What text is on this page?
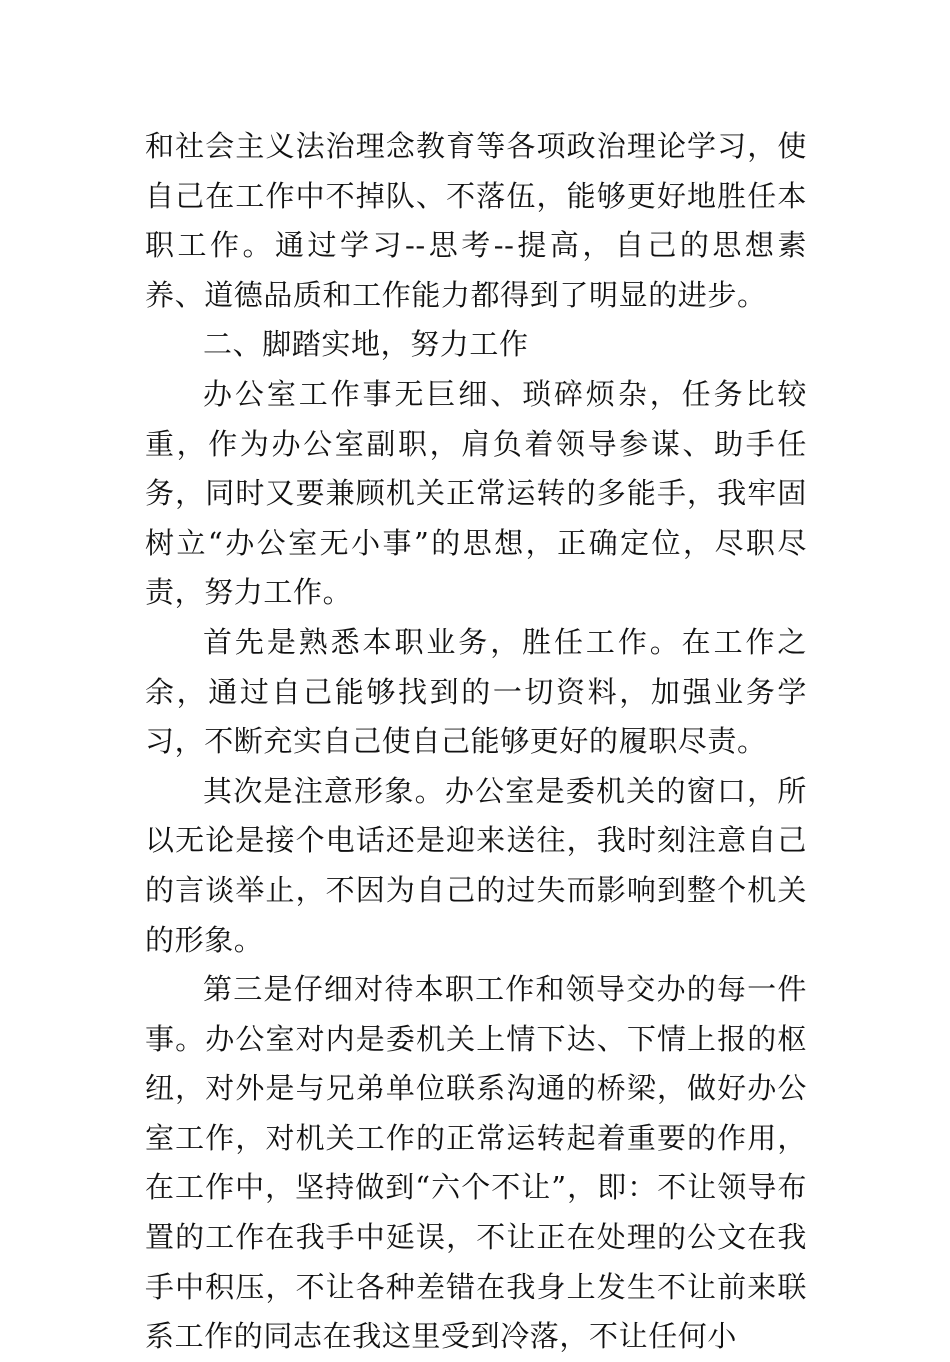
和社会主义法治理念教育等各项政治理论学习，使自己在工作中不掉队、不落伍，能够更好地胜任本职工作。通过学习--思考--提高，自己的思想素养、道德品质和工作能力都得到了明显的进步。

二、脚踏实地，努力工作

办公室工作事无巨细、琐碎烦杂，任务比较重，作为办公室副职，肩负着领导参谋、助手任务，同时又要兼顾机关正常运转的多能手，我牢固树立“办公室无小事”的思想，正确定位，尽职尽责，努力工作。

首先是熟悉本职业务，胜任工作。在工作之余，通过自己能够找到的一切资料，加强业务学习，不断充实自己使自己能够更好的履职尽责。

其次是注意形象。办公室是委机关的窗口，所以无论是接个电话还是迎来送往，我时刻注意自己的言谈举止，不因为自己的过失而影响到整个机关的形象。

第三是仔细对待本职工作和领导交办的每一件事。办公室对内是委机关上情下达、下情上报的枢纽，对外是与兄弟单位联系沟通的桥梁，做好办公室工作，对机关工作的正常运转起着重要的作用，在工作中，坚持做到“六个不让”，即：不让领导布置的工作在我手中延误，不让正在处理的公文在我手中积压，不让各种差错在我身上发生不让前来联系工作的同志在我这里受到冷落，不让任何小
